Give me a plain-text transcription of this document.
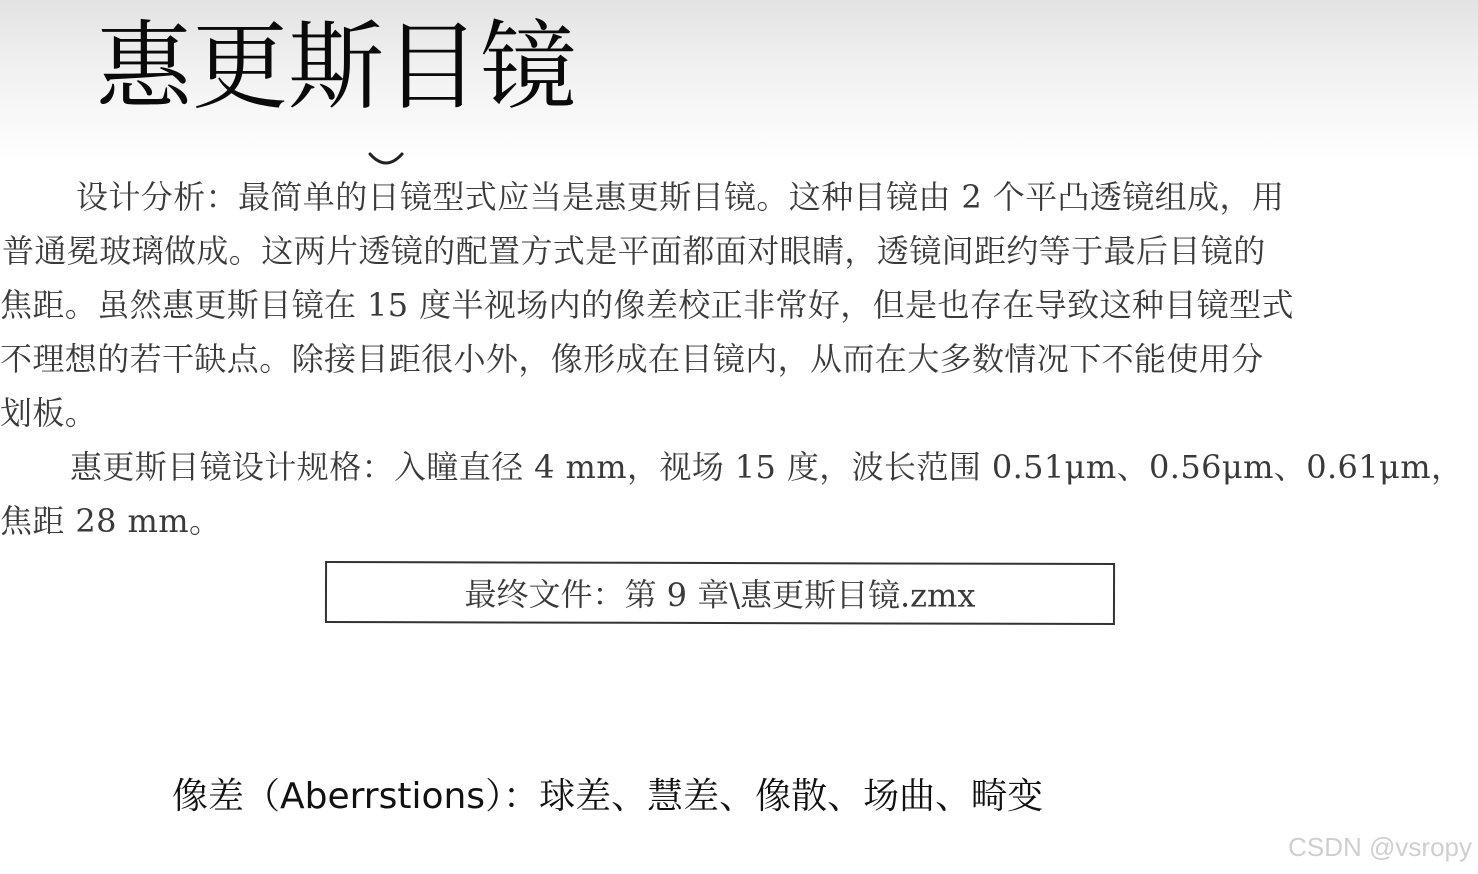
惠更斯目镜
设计分析：最简单的日镜型式应当是惠更斯目镜。这种目镜由 2 个平凸透镜组成，用
普通冕玻璃做成。这两片透镜的配置方式是平面都面对眼睛，透镜间距约等于最后目镜的
焦距。虽然惠更斯目镜在 15 度半视场内的像差校正非常好，但是也存在导致这种目镜型式
不理想的若干缺点。除接目距很小外，像形成在目镜内，从而在大多数情况下不能使用分
划板。
惠更斯目镜设计规格：入瞳直径 4 mm，视场 15 度，波长范围 0.51μm、0.56μm、0.61μm，
焦距 28 mm。
最终文件：第 9 章\惠更斯目镜.zmx
像差（Aberrstions）：球差、慧差、像散、场曲、畸变
CSDN @vsropy
